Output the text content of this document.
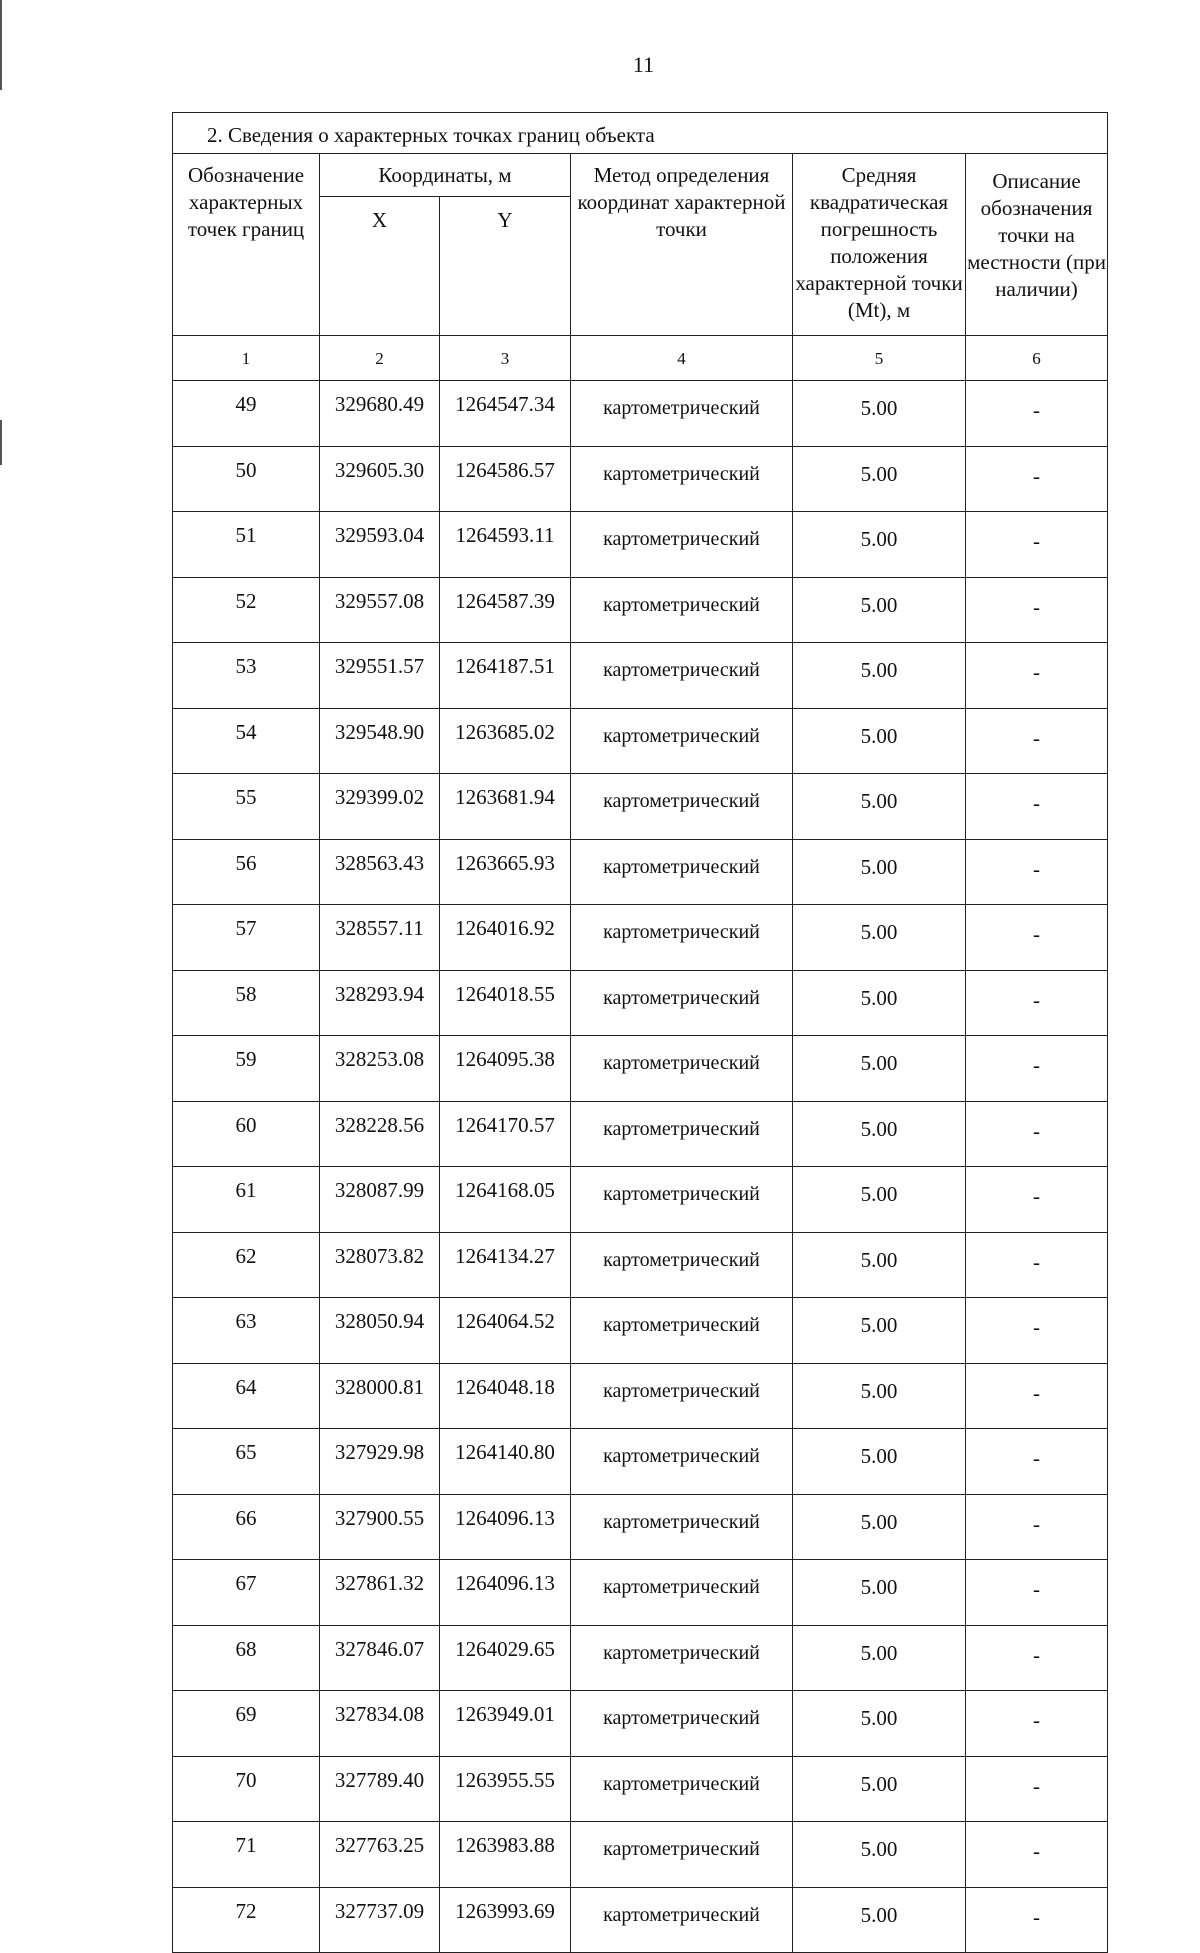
11
2. Сведения о характерных точках границ объекта					
Обозначение характерных точек границ	Координаты, м		Метод определения координат характерной точки	Средняя квадратическая погрешность положения характерной точки (Mt), м	Описание обозначения точки на местности (при наличии)
	X	Y			
1	2	3	4	5	6
49	329680.49	1264547.34	картометрический	5.00	-
50	329605.30	1264586.57	картометрический	5.00	-
51	329593.04	1264593.11	картометрический	5.00	-
52	329557.08	1264587.39	картометрический	5.00	-
53	329551.57	1264187.51	картометрический	5.00	-
54	329548.90	1263685.02	картометрический	5.00	-
55	329399.02	1263681.94	картометрический	5.00	-
56	328563.43	1263665.93	картометрический	5.00	-
57	328557.11	1264016.92	картометрический	5.00	-
58	328293.94	1264018.55	картометрический	5.00	-
59	328253.08	1264095.38	картометрический	5.00	-
60	328228.56	1264170.57	картометрический	5.00	-
61	328087.99	1264168.05	картометрический	5.00	-
62	328073.82	1264134.27	картометрический	5.00	-
63	328050.94	1264064.52	картометрический	5.00	-
64	328000.81	1264048.18	картометрический	5.00	-
65	327929.98	1264140.80	картометрический	5.00	-
66	327900.55	1264096.13	картометрический	5.00	-
67	327861.32	1264096.13	картометрический	5.00	-
68	327846.07	1264029.65	картометрический	5.00	-
69	327834.08	1263949.01	картометрический	5.00	-
70	327789.40	1263955.55	картометрический	5.00	-
71	327763.25	1263983.88	картометрический	5.00	-
72	327737.09	1263993.69	картометрический	5.00	-
